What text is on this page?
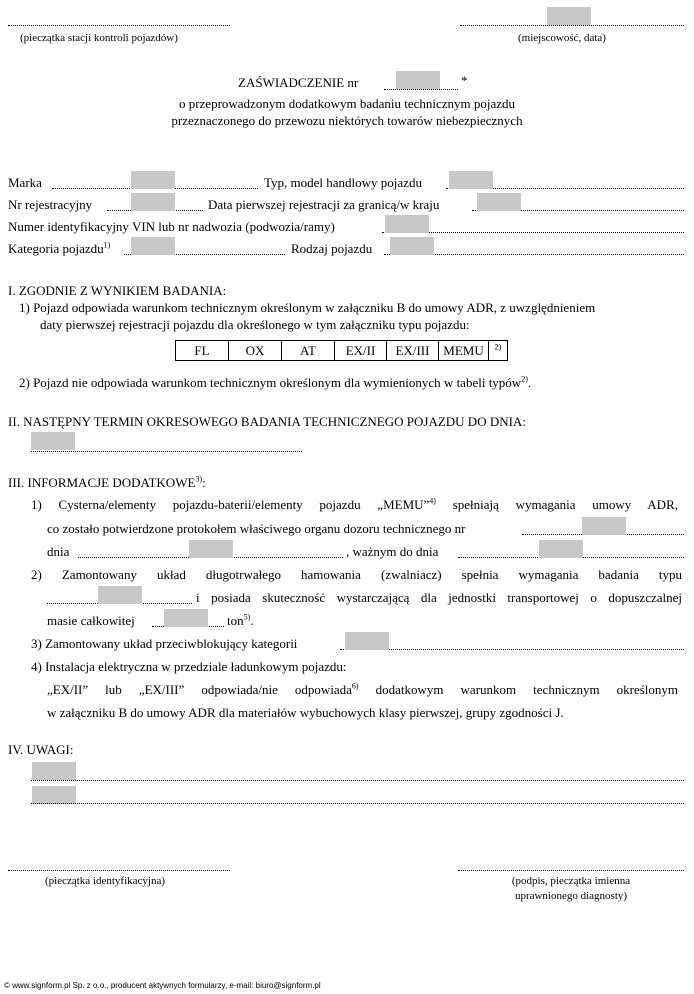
(pieczątka stacji kontroli pojazdów)	(miejscowość, data)
ZAŚWIADCZENIE nr	*
o przeprowadzonym dodatkowym badaniu technicznym pojazdu
przeznaczonego do przewozu niektórych towarów niebezpiecznych
Marka	Typ, model handlowy pojazdu
Nr rejestracyjny	Data pierwszej rejestracji za granicą/w kraju
Numer identyfikacyjny VIN lub nr nadwozia (podwozia/ramy)
Kategoria pojazdu$^{1)}$	Rodzaj pojazdu
I. ZGODNIE Z WYNIKIEM BADANIA:
1) Pojazd odpowiada warunkom technicznym określonym w załączniku B do umowy ADR, z uwzględnieniem
daty pierwszej rejestracji pojazdu dla określonego w tym załączniku typu pojazdu:
FL	OX	AT	EX/II	EX/III	MEMU	$^{2)}$
2) Pojazd nie odpowiada warunkom technicznym określonym dla wymienionych w tabeli typów$^{2)}$.
II. NASTĘPNY TERMIN OKRESOWEGO BADANIA TECHNICZNEGO POJAZDU DO DNIA:
III. INFORMACJE DODATKOWE$^{3)}$:
1) Cysterna/elementy pojazdu-baterii/elementy pojazdu „MEMU”$^{4)}$ spełniają wymagania umowy ADR,
co zostało potwierdzone protokołem właściwego organu dozoru technicznego nr
dnia	, ważnym do dnia
2) Zamontowany układ długotrwałego hamowania (zwalniacz) spełnia wymagania badania typu
i posiada skuteczność wystarczającą dla jednostki transportowej o dopuszczalnej
masie całkowitej	ton$^{5)}$.
3) Zamontowany układ przeciwblokujący kategorii
4) Instalacja elektryczna w przedziale ładunkowym pojazdu:
„EX/II” lub „EX/III” odpowiada/nie odpowiada$^{6)}$ dodatkowym warunkom technicznym określonym
w załączniku B do umowy ADR dla materiałów wybuchowych klasy pierwszej, grupy zgodności J.
IV. UWAGI:
(pieczątka identyfikacyjna)	(podpis, pieczątka imienna
uprawnionego diagnosty)
© www.signform.pl Sp. z o.o., producent aktywnych formularzy, e-mail: biuro@signform.pl
